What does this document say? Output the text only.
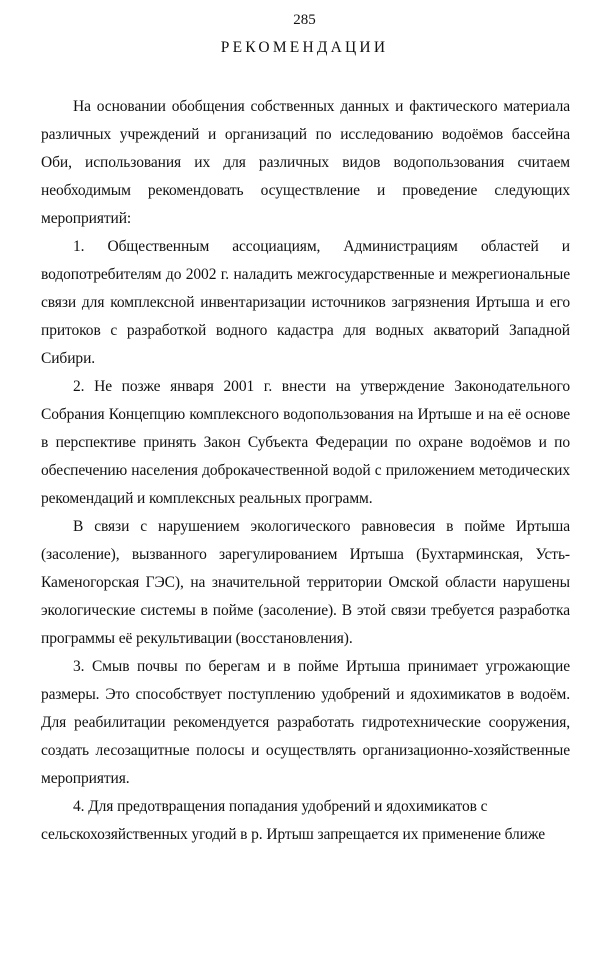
285
РЕКОМЕНДАЦИИ

На основании обобщения собственных данных и фактического материала различных учреждений и организаций по исследованию водоёмов бассейна Оби, использования их для различных видов водопользования считаем необходимым рекомендовать осуществление и проведение следующих мероприятий:

1. Общественным ассоциациям, Администрациям областей и водопотребителям до 2002 г. наладить межгосударственные и межрегиональные связи для комплексной инвентаризации источников загрязнения Иртыша и его притоков с разработкой водного кадастра для водных акваторий Западной Сибири.

2. Не позже января 2001 г. внести на утверждение Законодательного Собрания Концепцию комплексного водопользования на Иртыше и на её основе в перспективе принять Закон Субъекта Федерации по охране водоёмов и по обеспечению населения доброкачественной водой с приложением методических рекомендаций и комплексных реальных программ.

В связи с нарушением экологического равновесия в пойме Иртыша (засоление), вызванного зарегулированием Иртыша (Бухтарминская, Усть-Каменогорская ГЭС), на значительной территории Омской области нарушены экологические системы в пойме (засоление). В этой связи требуется разработка программы её рекультивации (восстановления).

3. Смыв почвы по берегам и в пойме Иртыша принимает угрожающие размеры. Это способствует поступлению удобрений и ядохимикатов в водоём. Для реабилитации рекомендуется разработать гидротехнические сооружения, создать лесозащитные полосы и осуществлять организационно-хозяйственные мероприятия.

4. Для предотвращения попадания удобрений и ядохимикатов с сельскохозяйственных угодий в р. Иртыш запрещается их применение ближе
